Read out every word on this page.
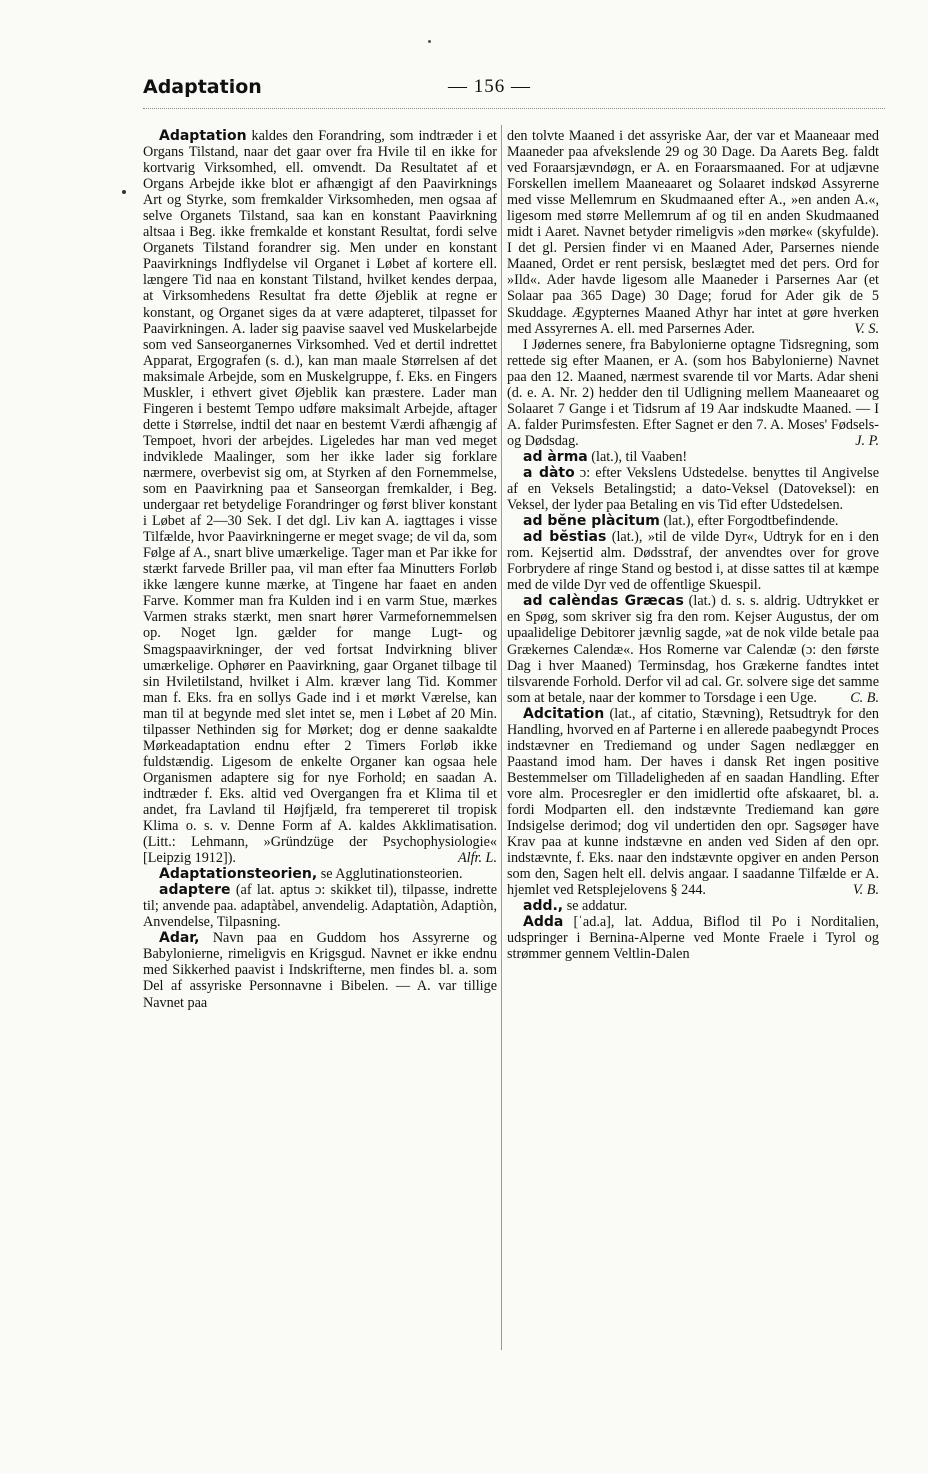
Adaptation	— 156 —

Adaptation kaldes den Forandring, som indtræder i et Organs Tilstand, naar det gaar over fra Hvile til en ikke for kortvarig Virksomhed, ell. omvendt. Da Resultatet af et Organs Arbejde ikke blot er afhængigt af den Paavirknings Art og Styrke, som fremkalder Virksomheden, men ogsaa af selve Organets Tilstand, saa kan en konstant Paavirkning altsaa i Beg. ikke fremkalde et konstant Resultat, fordi selve Organets Tilstand forandrer sig. Men under en konstant Paavirknings Indflydelse vil Organet i Løbet af kortere ell. længere Tid naa en konstant Tilstand, hvilket kendes derpaa, at Virksomhedens Resultat fra dette Øjeblik at regne er konstant, og Organet siges da at være adapteret, tilpasset for Paavirkningen. A. lader sig paavise saavel ved Muskelarbejde som ved Sanseorganernes Virksomhed. Ved et dertil indrettet Apparat, Ergografen (s. d.), kan man maale Størrelsen af det maksimale Arbejde, som en Muskelgruppe, f. Eks. en Fingers Muskler, i ethvert givet Øjeblik kan præstere. Lader man Fingeren i bestemt Tempo udføre maksimalt Arbejde, aftager dette i Størrelse, indtil det naar en bestemt Værdi afhængig af Tempoet, hvori der arbejdes. Ligeledes har man ved meget indviklede Maalinger, som her ikke lader sig forklare nærmere, overbevist sig om, at Styrken af den Fornemmelse, som en Paavirkning paa et Sanseorgan fremkalder, i Beg. undergaar ret betydelige Forandringer og først bliver konstant i Løbet af 2—30 Sek. I det dgl. Liv kan A. iagttages i visse Tilfælde, hvor Paavirkningerne er meget svage; de vil da, som Følge af A., snart blive umærkelige. Tager man et Par ikke for stærkt farvede Briller paa, vil man efter faa Minutters Forløb ikke længere kunne mærke, at Tingene har faaet en anden Farve. Kommer man fra Kulden ind i en varm Stue, mærkes Varmen straks stærkt, men snart hører Varmefornemmelsen op. Noget lgn. gælder for mange Lugt- og Smagspaavirkninger, der ved fortsat Indvirkning bliver umærkelige. Ophører en Paavirkning, gaar Organet tilbage til sin Hviletilstand, hvilket i Alm. kræver lang Tid. Kommer man f. Eks. fra en sollys Gade ind i et mørkt Værelse, kan man til at begynde med slet intet se, men i Løbet af 20 Min. tilpasser Nethinden sig for Mørket; dog er denne saakaldte Mørkeadaptation endnu efter 2 Timers Forløb ikke fuldstændig. Ligesom de enkelte Organer kan ogsaa hele Organismen adaptere sig for nye Forhold; en saadan A. indtræder f. Eks. altid ved Overgangen fra et Klima til et andet, fra Lavland til Højfjæld, fra tempereret til tropisk Klima o. s. v. Denne Form af A. kaldes Akklimatisation. (Litt.: Lehmann, »Gründzüge der Psychophysiologie« [Leipzig 1912]).	Alfr. L.

Adaptationsteorien, se Agglutinationsteorien.

adaptere (af lat. aptus ɔ: skikket til), tilpasse, indrette til; anvende paa. adaptàbel, anvendelig. Adaptatiòn, Adaptiòn, Anvendelse, Tilpasning.

Adar, Navn paa en Guddom hos Assyrerne og Babylonierne, rimeligvis en Krigsgud. Navnet er ikke endnu med Sikkerhed paavist i Indskrifterne, men findes bl. a. som Del af assyriske Personnavne i Bibelen. — A. var tillige Navnet paa

den tolvte Maaned i det assyriske Aar, der var et Maaneaar med Maaneder paa afvekslende 29 og 30 Dage. Da Aarets Beg. faldt ved Foraarsjævndøgn, er A. en Foraarsmaaned. For at udjævne Forskellen imellem Maaneaaret og Solaaret indskød Assyrerne med visse Mellemrum en Skudmaaned efter A., »en anden A.«, ligesom med større Mellemrum af og til en anden Skudmaaned midt i Aaret. Navnet betyder rimeligvis »den mørke« (skyfulde). I det gl. Persien finder vi en Maaned Ader, Parsernes niende Maaned, Ordet er rent persisk, beslægtet med det pers. Ord for »Ild«. Ader havde ligesom alle Maaneder i Parsernes Aar (et Solaar paa 365 Dage) 30 Dage; forud for Ader gik de 5 Skuddage. Ægypternes Maaned Athyr har intet at gøre hverken med Assyrernes A. ell. med Parsernes Ader.	V. S.

I Jødernes senere, fra Babylonierne optagne Tidsregning, som rettede sig efter Maanen, er A. (som hos Babylonierne) Navnet paa den 12. Maaned, nærmest svarende til vor Marts. Adar sheni (d. e. A. Nr. 2) hedder den til Udligning mellem Maaneaaret og Solaaret 7 Gange i et Tidsrum af 19 Aar indskudte Maaned. — I A. falder Purimsfesten. Efter Sagnet er den 7. A. Moses' Fødsels- og Dødsdag.	J. P.

ad àrma (lat.), til Vaaben!

a dàto ɔ: efter Vekslens Udstedelse. benyttes til Angivelse af en Veksels Betalingstid; a dato-Veksel (Datoveksel): en Veksel, der lyder paa Betaling en vis Tid efter Udstedelsen.

ad bĕne plàcitum (lat.), efter Forgodtbefindende.

ad bĕstias (lat.), »til de vilde Dyr«, Udtryk for en i den rom. Kejsertid alm. Dødsstraf, der anvendtes over for grove Forbrydere af ringe Stand og bestod i, at disse sattes til at kæmpe med de vilde Dyr ved de offentlige Skuespil.

ad calèndas Græcas (lat.) d. s. s. aldrig. Udtrykket er en Spøg, som skriver sig fra den rom. Kejser Augustus, der om upaalidelige Debitorer jævnlig sagde, »at de nok vilde betale paa Grækernes Calendæ«. Hos Romerne var Calendæ (ɔ: den første Dag i hver Maaned) Terminsdag, hos Grækerne fandtes intet tilsvarende Forhold. Derfor vil ad cal. Gr. solvere sige det samme som at betale, naar der kommer to Torsdage i een Uge.	C. B.

Adcitation (lat., af citatio, Stævning), Retsudtryk for den Handling, hvorved en af Parterne i en allerede paabegyndt Proces indstævner en Trediemand og under Sagen nedlægger en Paastand imod ham. Der haves i dansk Ret ingen positive Bestemmelser om Tilladeligheden af en saadan Handling. Efter vore alm. Procesregler er den imidlertid ofte afskaaret, bl. a. fordi Modparten ell. den indstævnte Trediemand kan gøre Indsigelse derimod; dog vil undertiden den opr. Sagsøger have Krav paa at kunne indstævne en anden ved Siden af den opr. indstævnte, f. Eks. naar den indstævnte opgiver en anden Person som den, Sagen helt ell. delvis angaar. I saadanne Tilfælde er A. hjemlet ved Retsplejelovens § 244.	V. B.

add., se addatur.

Adda [ˈad.a], lat. Addua, Biflod til Po i Norditalien, udspringer i Bernina-Alperne ved Monte Fraele i Tyrol og strømmer gennem Veltlin-Dalen
